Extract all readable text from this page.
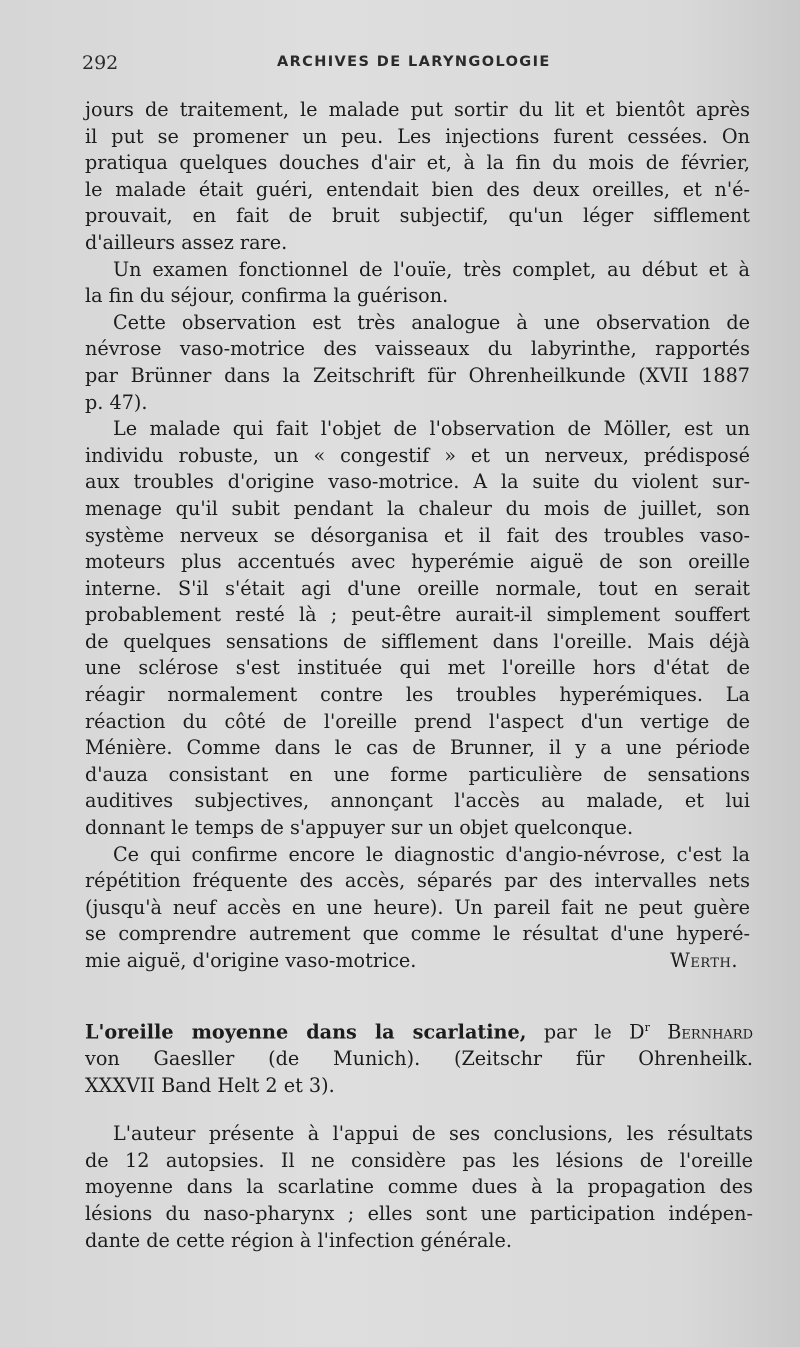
292	ARCHIVES DE LARYNGOLOGIE

jours de traitement, le malade put sortir du lit et bientôt après
il put se promener un peu. Les injections furent cessées. On
pratiqua quelques douches d'air et, à la fin du mois de février,
le malade était guéri, entendait bien des deux oreilles, et n'é-
prouvait, en fait de bruit subjectif, qu'un léger sifflement
d'ailleurs assez rare.

Un examen fonctionnel de l'ouïe, très complet, au début et à
la fin du séjour, confirma la guérison.

Cette observation est très analogue à une observation de
névrose vaso-motrice des vaisseaux du labyrinthe, rapportés
par Brünner dans la Zeitschrift für Ohrenheilkunde (XVII 1887
p. 47).

Le malade qui fait l'objet de l'observation de Möller, est un
individu robuste, un « congestif » et un nerveux, prédisposé
aux troubles d'origine vaso-motrice. A la suite du violent sur-
menage qu'il subit pendant la chaleur du mois de juillet, son
système nerveux se désorganisa et il fait des troubles vaso-
moteurs plus accentués avec hyperémie aiguë de son oreille
interne. S'il s'était agi d'une oreille normale, tout en serait
probablement resté là ; peut-être aurait-il simplement souffert
de quelques sensations de sifflement dans l'oreille. Mais déjà
une sclérose s'est instituée qui met l'oreille hors d'état de
réagir normalement contre les troubles hyperémiques. La
réaction du côté de l'oreille prend l'aspect d'un vertige de
Ménière. Comme dans le cas de Brunner, il y a une période
d'auza consistant en une forme particulière de sensations
auditives subjectives, annonçant l'accès au malade, et lui
donnant le temps de s'appuyer sur un objet quelconque.

Ce qui confirme encore le diagnostic d'angio-névrose, c'est la
répétition fréquente des accès, séparés par des intervalles nets
(jusqu'à neuf accès en une heure). Un pareil fait ne peut guère
se comprendre autrement que comme le résultat d'une hyperé-
mie aiguë, d'origine vaso-motrice.	Werth.

L'oreille moyenne dans la scarlatine, par le $D^r$ Bernhard
von Gaesller (de Munich). (Zeitschr für Ohrenheilk.
XXXVII Band Helt 2 et 3).

L'auteur présente à l'appui de ses conclusions, les résultats
de 12 autopsies. Il ne considère pas les lésions de l'oreille
moyenne dans la scarlatine comme dues à la propagation des
lésions du naso-pharynx ; elles sont une participation indépen-
dante de cette région à l'infection générale.
